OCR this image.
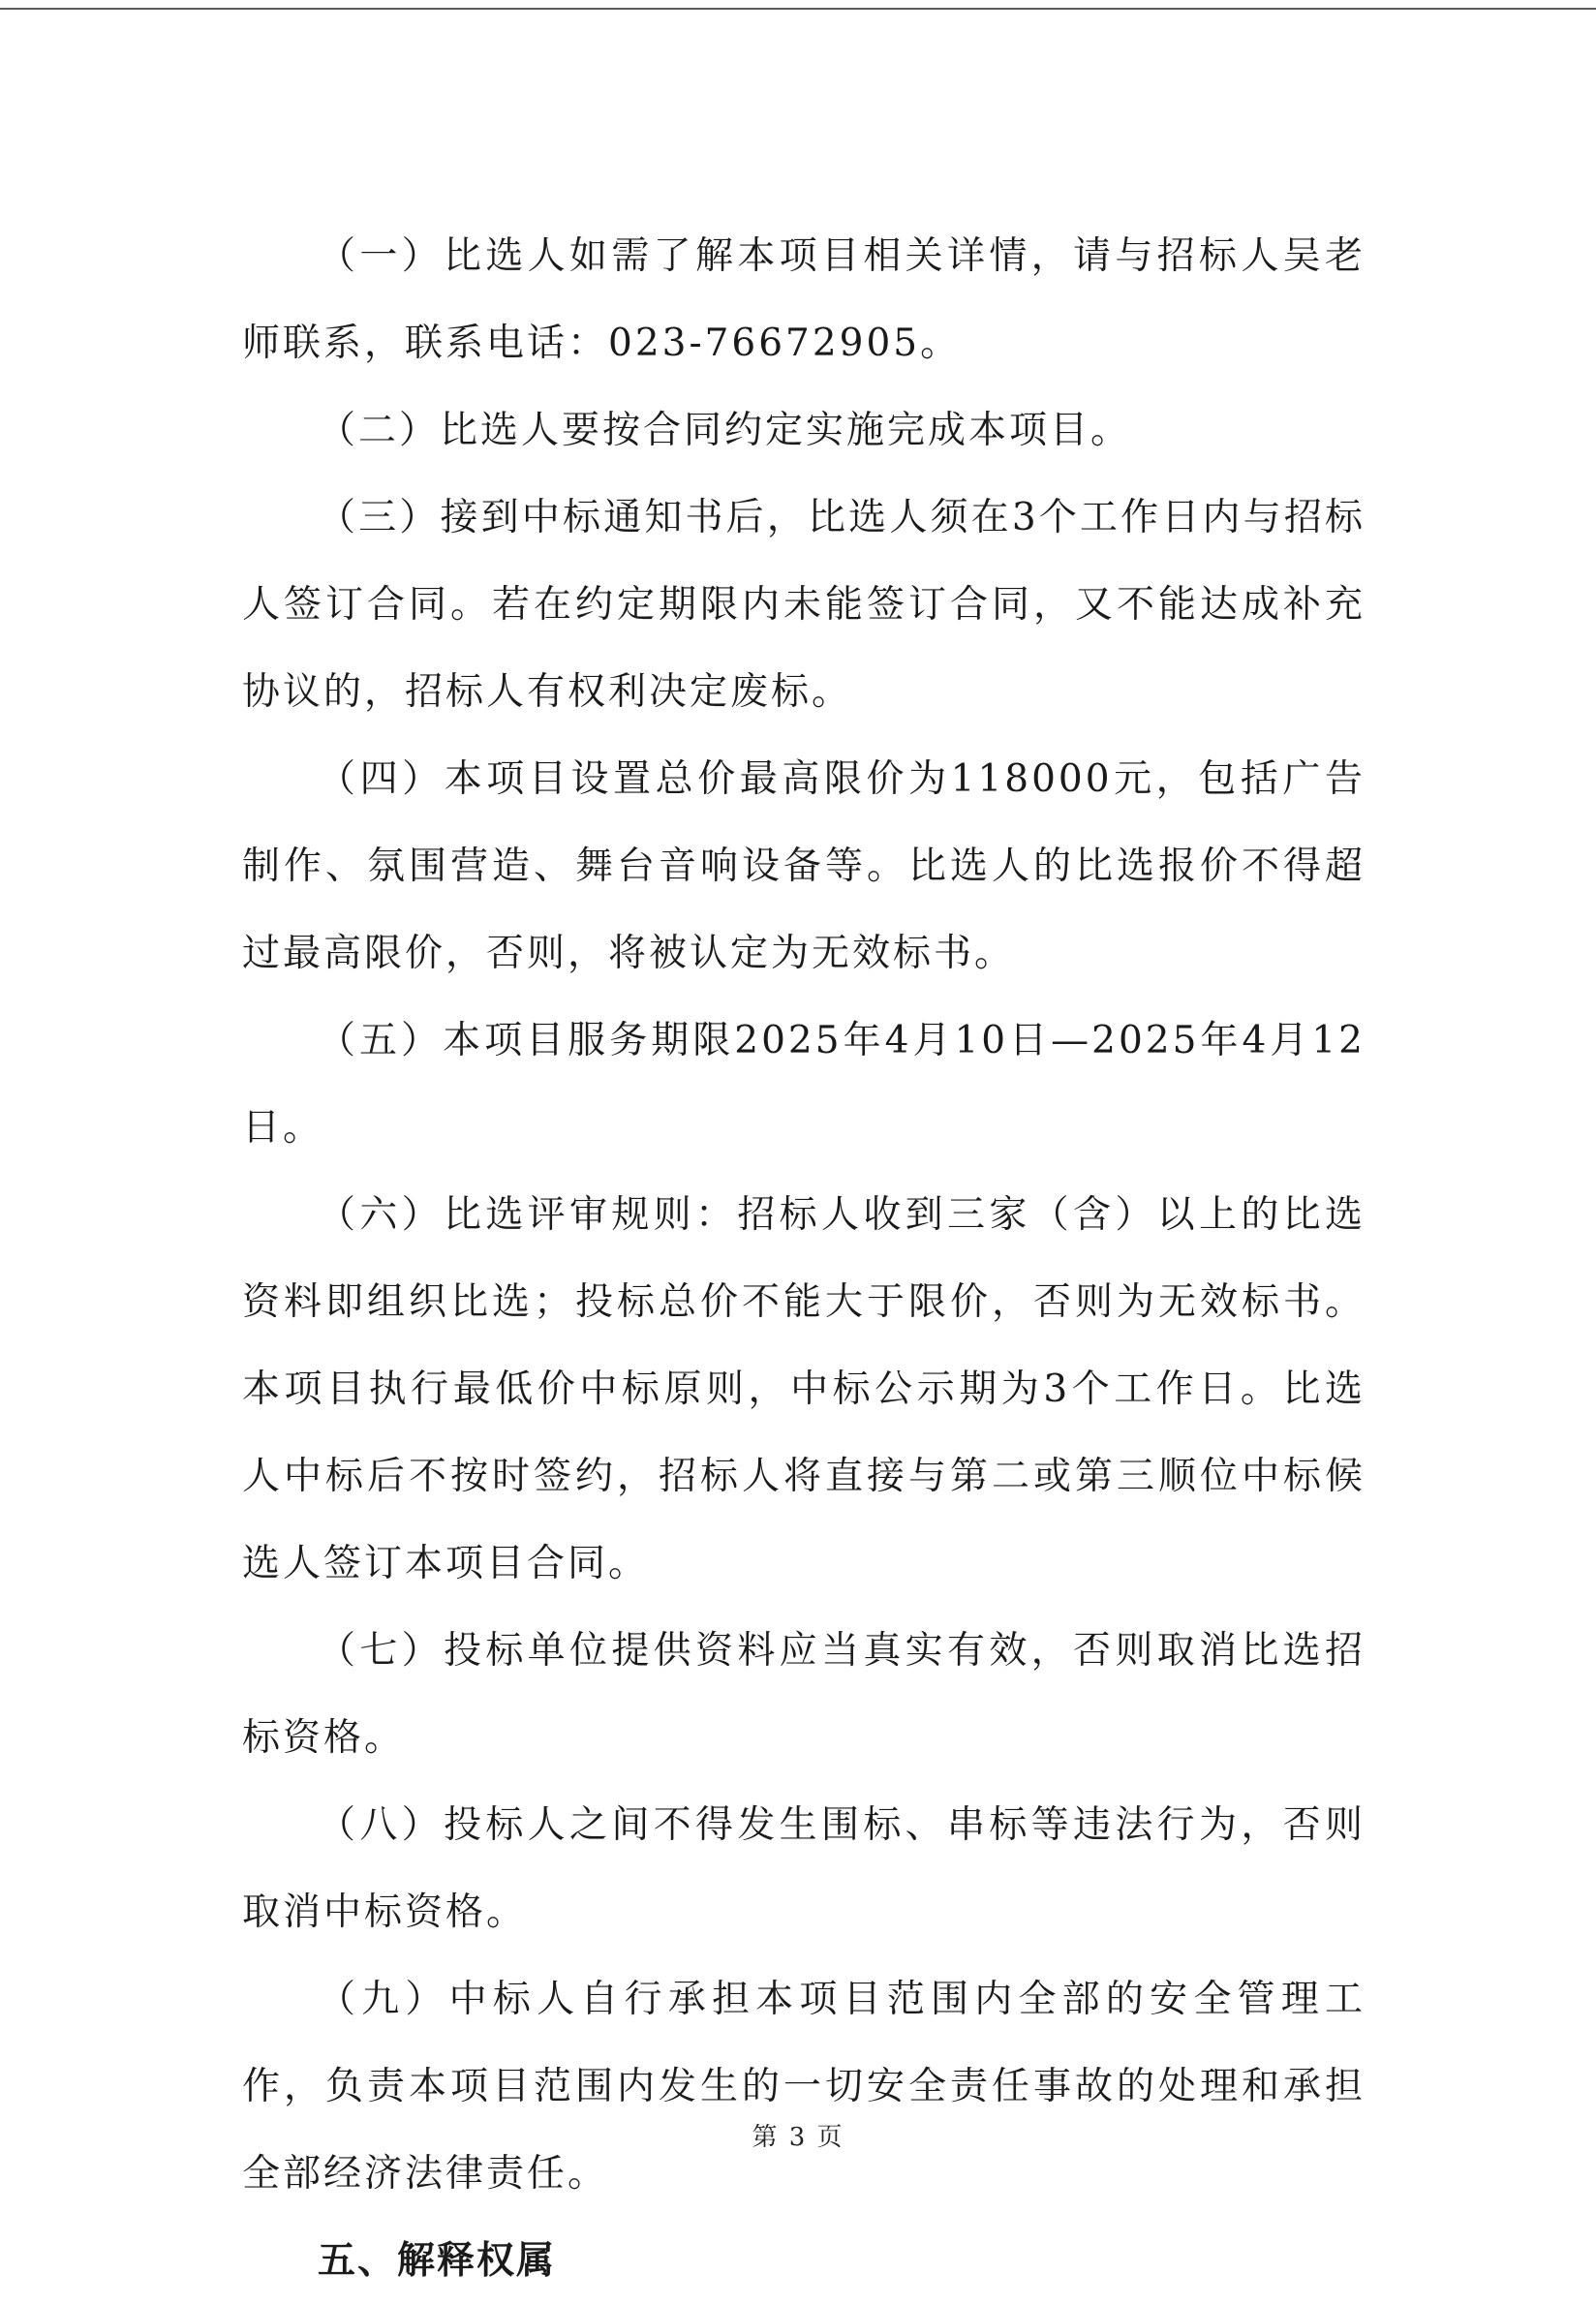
（一）比选人如需了解本项目相关详情，请与招标人吴老师联系，联系电话：023-76672905。

（二）比选人要按合同约定实施完成本项目。

（三）接到中标通知书后，比选人须在3个工作日内与招标人签订合同。若在约定期限内未能签订合同，又不能达成补充协议的，招标人有权利决定废标。

（四）本项目设置总价最高限价为118000元，包括广告制作、氛围营造、舞台音响设备等。比选人的比选报价不得超过最高限价，否则，将被认定为无效标书。

（五）本项目服务期限2025年4月10日—2025年4月12日。

（六）比选评审规则：招标人收到三家（含）以上的比选资料即组织比选；投标总价不能大于限价，否则为无效标书。本项目执行最低价中标原则，中标公示期为3个工作日。比选人中标后不按时签约，招标人将直接与第二或第三顺位中标候选人签订本项目合同。

（七）投标单位提供资料应当真实有效，否则取消比选招标资格。

（八）投标人之间不得发生围标、串标等违法行为，否则取消中标资格。

（九）中标人自行承担本项目范围内全部的安全管理工作，负责本项目范围内发生的一切安全责任事故的处理和承担全部经济法律责任。

五、解释权属

第 3 页
